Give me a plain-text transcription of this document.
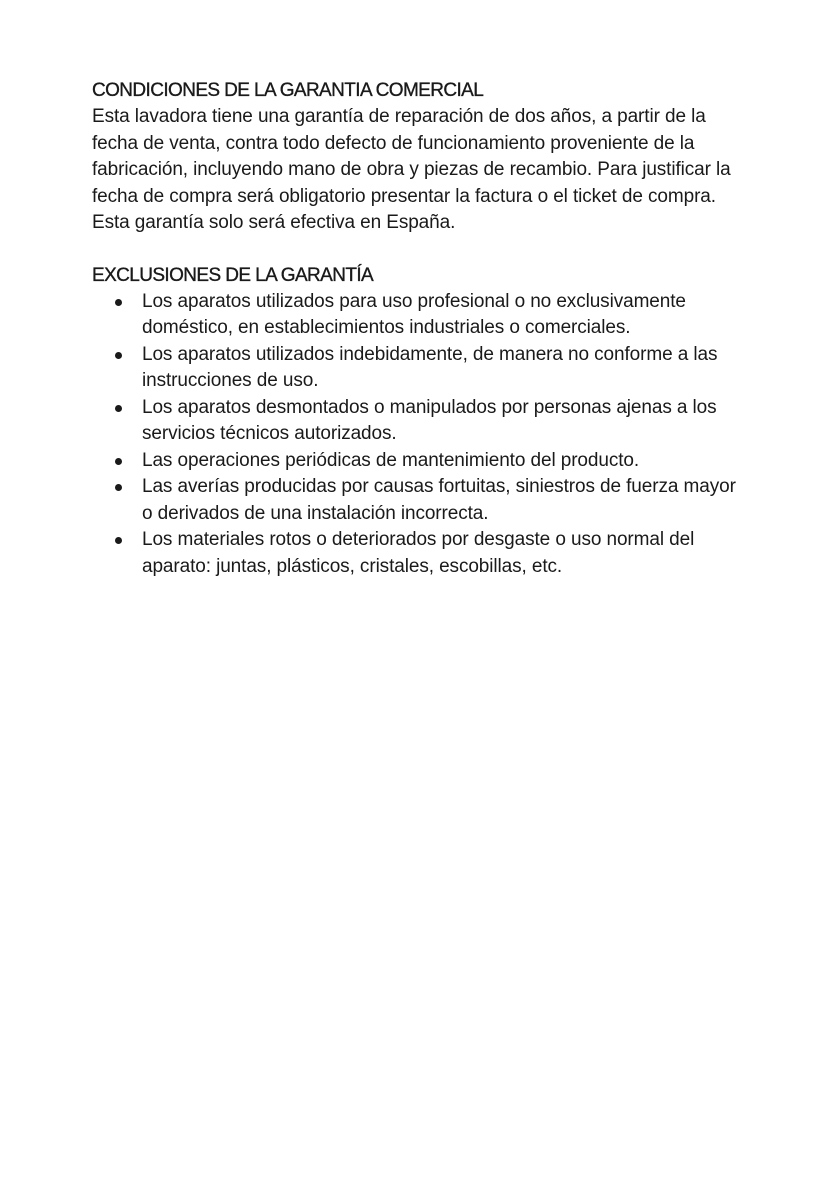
CONDICIONES DE LA GARANTIA COMERCIAL

Esta lavadora tiene una garantía de reparación de dos años, a partir de la fecha de venta, contra todo defecto de funcionamiento proveniente de la fabricación, incluyendo mano de obra y piezas de recambio. Para justificar la fecha de compra será obligatorio presentar la factura o el ticket de compra. Esta garantía solo será efectiva en España.

EXCLUSIONES DE LA GARANTÍA
Los aparatos utilizados para uso profesional o no exclusivamente doméstico, en establecimientos industriales o comerciales.
Los aparatos utilizados indebidamente, de manera no conforme a las instrucciones de uso.
Los aparatos desmontados o manipulados por personas ajenas a los servicios técnicos autorizados.
Las operaciones periódicas de mantenimiento del producto.
Las averías producidas por causas fortuitas, siniestros de fuerza mayor o derivados de una instalación incorrecta.
Los materiales rotos o deteriorados por desgaste o uso normal del aparato: juntas, plásticos, cristales, escobillas, etc.
